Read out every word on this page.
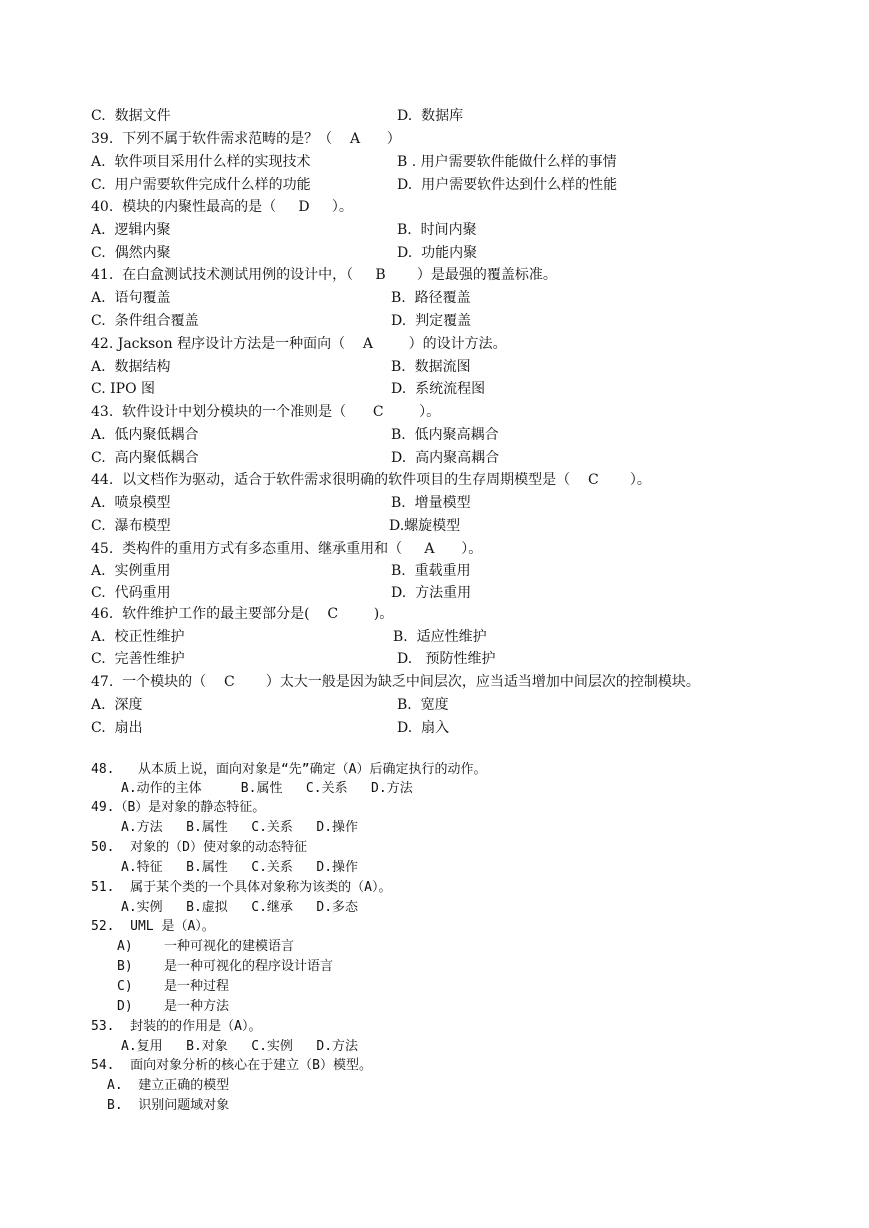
C.  数据文件	D.  数据库
39.  下列不属于软件需求范畴的是？（    A      ）
A.  软件项目采用什么样的实现技术	B . 用户需要软件能做什么样的事情
C.  用户需要软件完成什么样的功能	D.  用户需要软件达到什么样的性能
40.  模块的内聚性最高的是（     D     ）。
A.  逻辑内聚	B.  时间内聚
C.  偶然内聚	D.  功能内聚
41.  在白盒测试技术测试用例的设计中，（     B       ）是最强的覆盖标准。
A.  语句覆盖	B.  路径覆盖
C.  条件组合覆盖	D.  判定覆盖
42. Jackson 程序设计方法是一种面向（    A        ）的设计方法。
A.  数据结构	B.  数据流图
C. IPO 图	D.  系统流程图
43.  软件设计中划分模块的一个准则是（      C        ）。
A.  低内聚低耦合	B.  低内聚高耦合
C.  高内聚低耦合	D.  高内聚高耦合
44.  以文档作为驱动，适合于软件需求很明确的软件项目的生存周期模型是（    C       ）。
A.  喷泉模型	B.  增量模型
C.  瀑布模型	D.螺旋模型
45.  类构件的重用方式有多态重用、继承重用和（     A      ）。
A.  实例重用	B.  重载重用
C.  代码重用	D.  方法重用
46.  软件维护工作的最主要部分是(    C        )。
A.  校正性维护	B.  适应性维护
C.  完善性维护	D.   预防性维护
47.  一个模块的（    C       ）太大一般是因为缺乏中间层次，应当适当增加中间层次的控制模块。
A.  深度	B.  宽度
C.  扇出	D.  扇入
48.   从本质上说，面向对象是“先”确定（A）后确定执行的动作。
A.动作的主体     B.属性   C.关系   D.方法
49.（B）是对象的静态特征。
A.方法   B.属性   C.关系   D.操作
50.  对象的（D）使对象的动态特征
A.特征   B.属性   C.关系   D.操作
51.  属于某个类的一个具体对象称为该类的（A）。
A.实例   B.虚拟   C.继承   D.多态
52.  UML 是（A）。
A)    一种可视化的建模语言
B)    是一种可视化的程序设计语言
C)    是一种过程
D)    是一种方法
53.  封装的的作用是（A）。
A.复用   B.对象   C.实例   D.方法
54.  面向对象分析的核心在于建立（B）模型。
A.  建立正确的模型
B.  识别问题域对象
